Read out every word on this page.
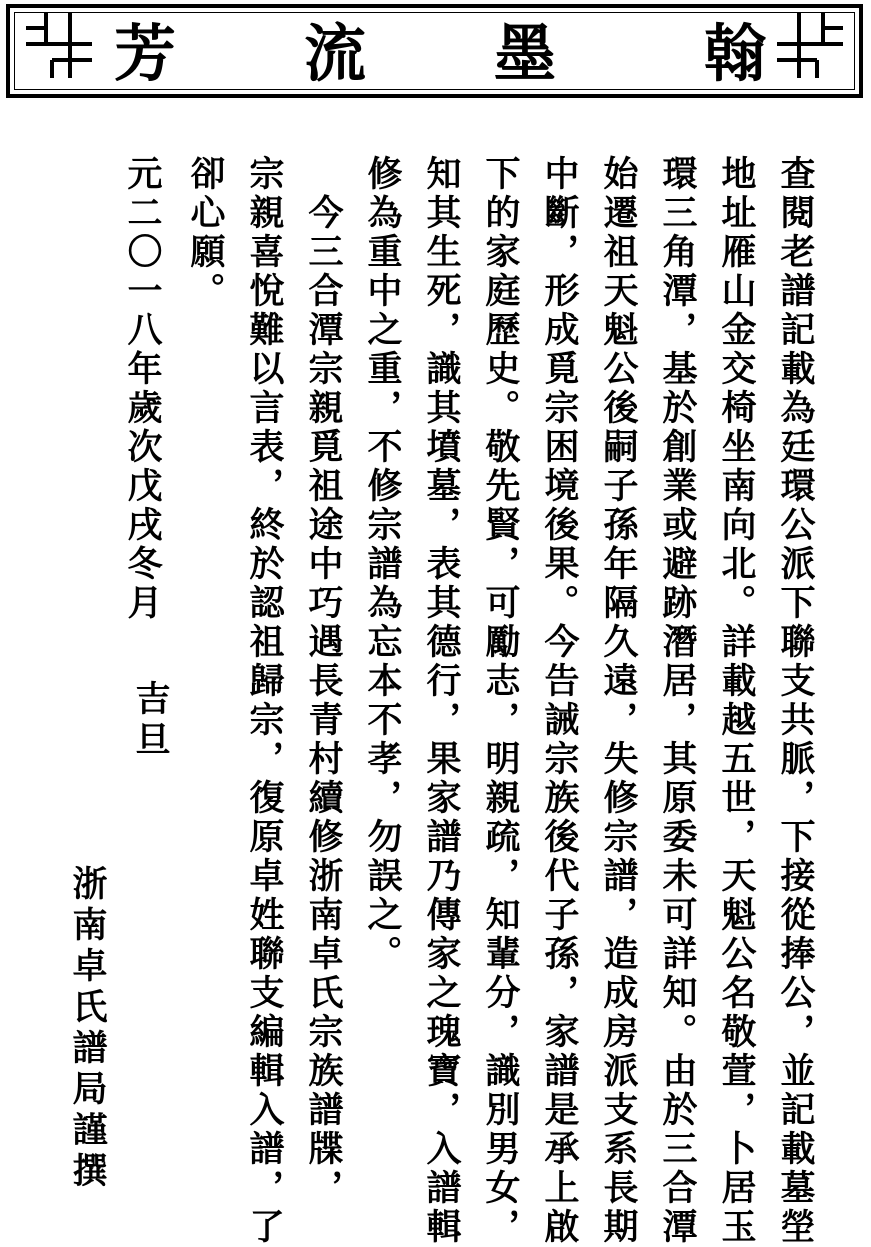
翰
墨
流
芳
查閱老譜記載為廷環公派下聯支共脈，下接從捧公，並記載墓塋
地址雁山金交椅坐南向北。詳載越五世，天魁公名敬萱，卜居玉
環三角潭，基於創業或避跡潛居，其原委未可詳知。由於三合潭
始遷祖天魁公後嗣子孫年隔久遠，失修宗譜，造成房派支系長期
中斷，形成覓宗困境後果。今告誡宗族後代子孫，家譜是承上啟
下的家庭歷史。敬先賢，可勵志，明親疏，知輩分，識別男女，
知其生死，識其墳墓，表其德行，果家譜乃傳家之瑰寶，入譜輯
修為重中之重，不修宗譜為忘本不孝，勿誤之。
　今三合潭宗親覓祖途中巧遇長青村續修浙南卓氏宗族譜牒，
宗親喜悅難以言表，終於認祖歸宗，復原卓姓聯支編輯入譜，了
卻心願。
元二〇一八年歲次戊戌冬月
吉旦
浙南卓氏譜局謹撰
